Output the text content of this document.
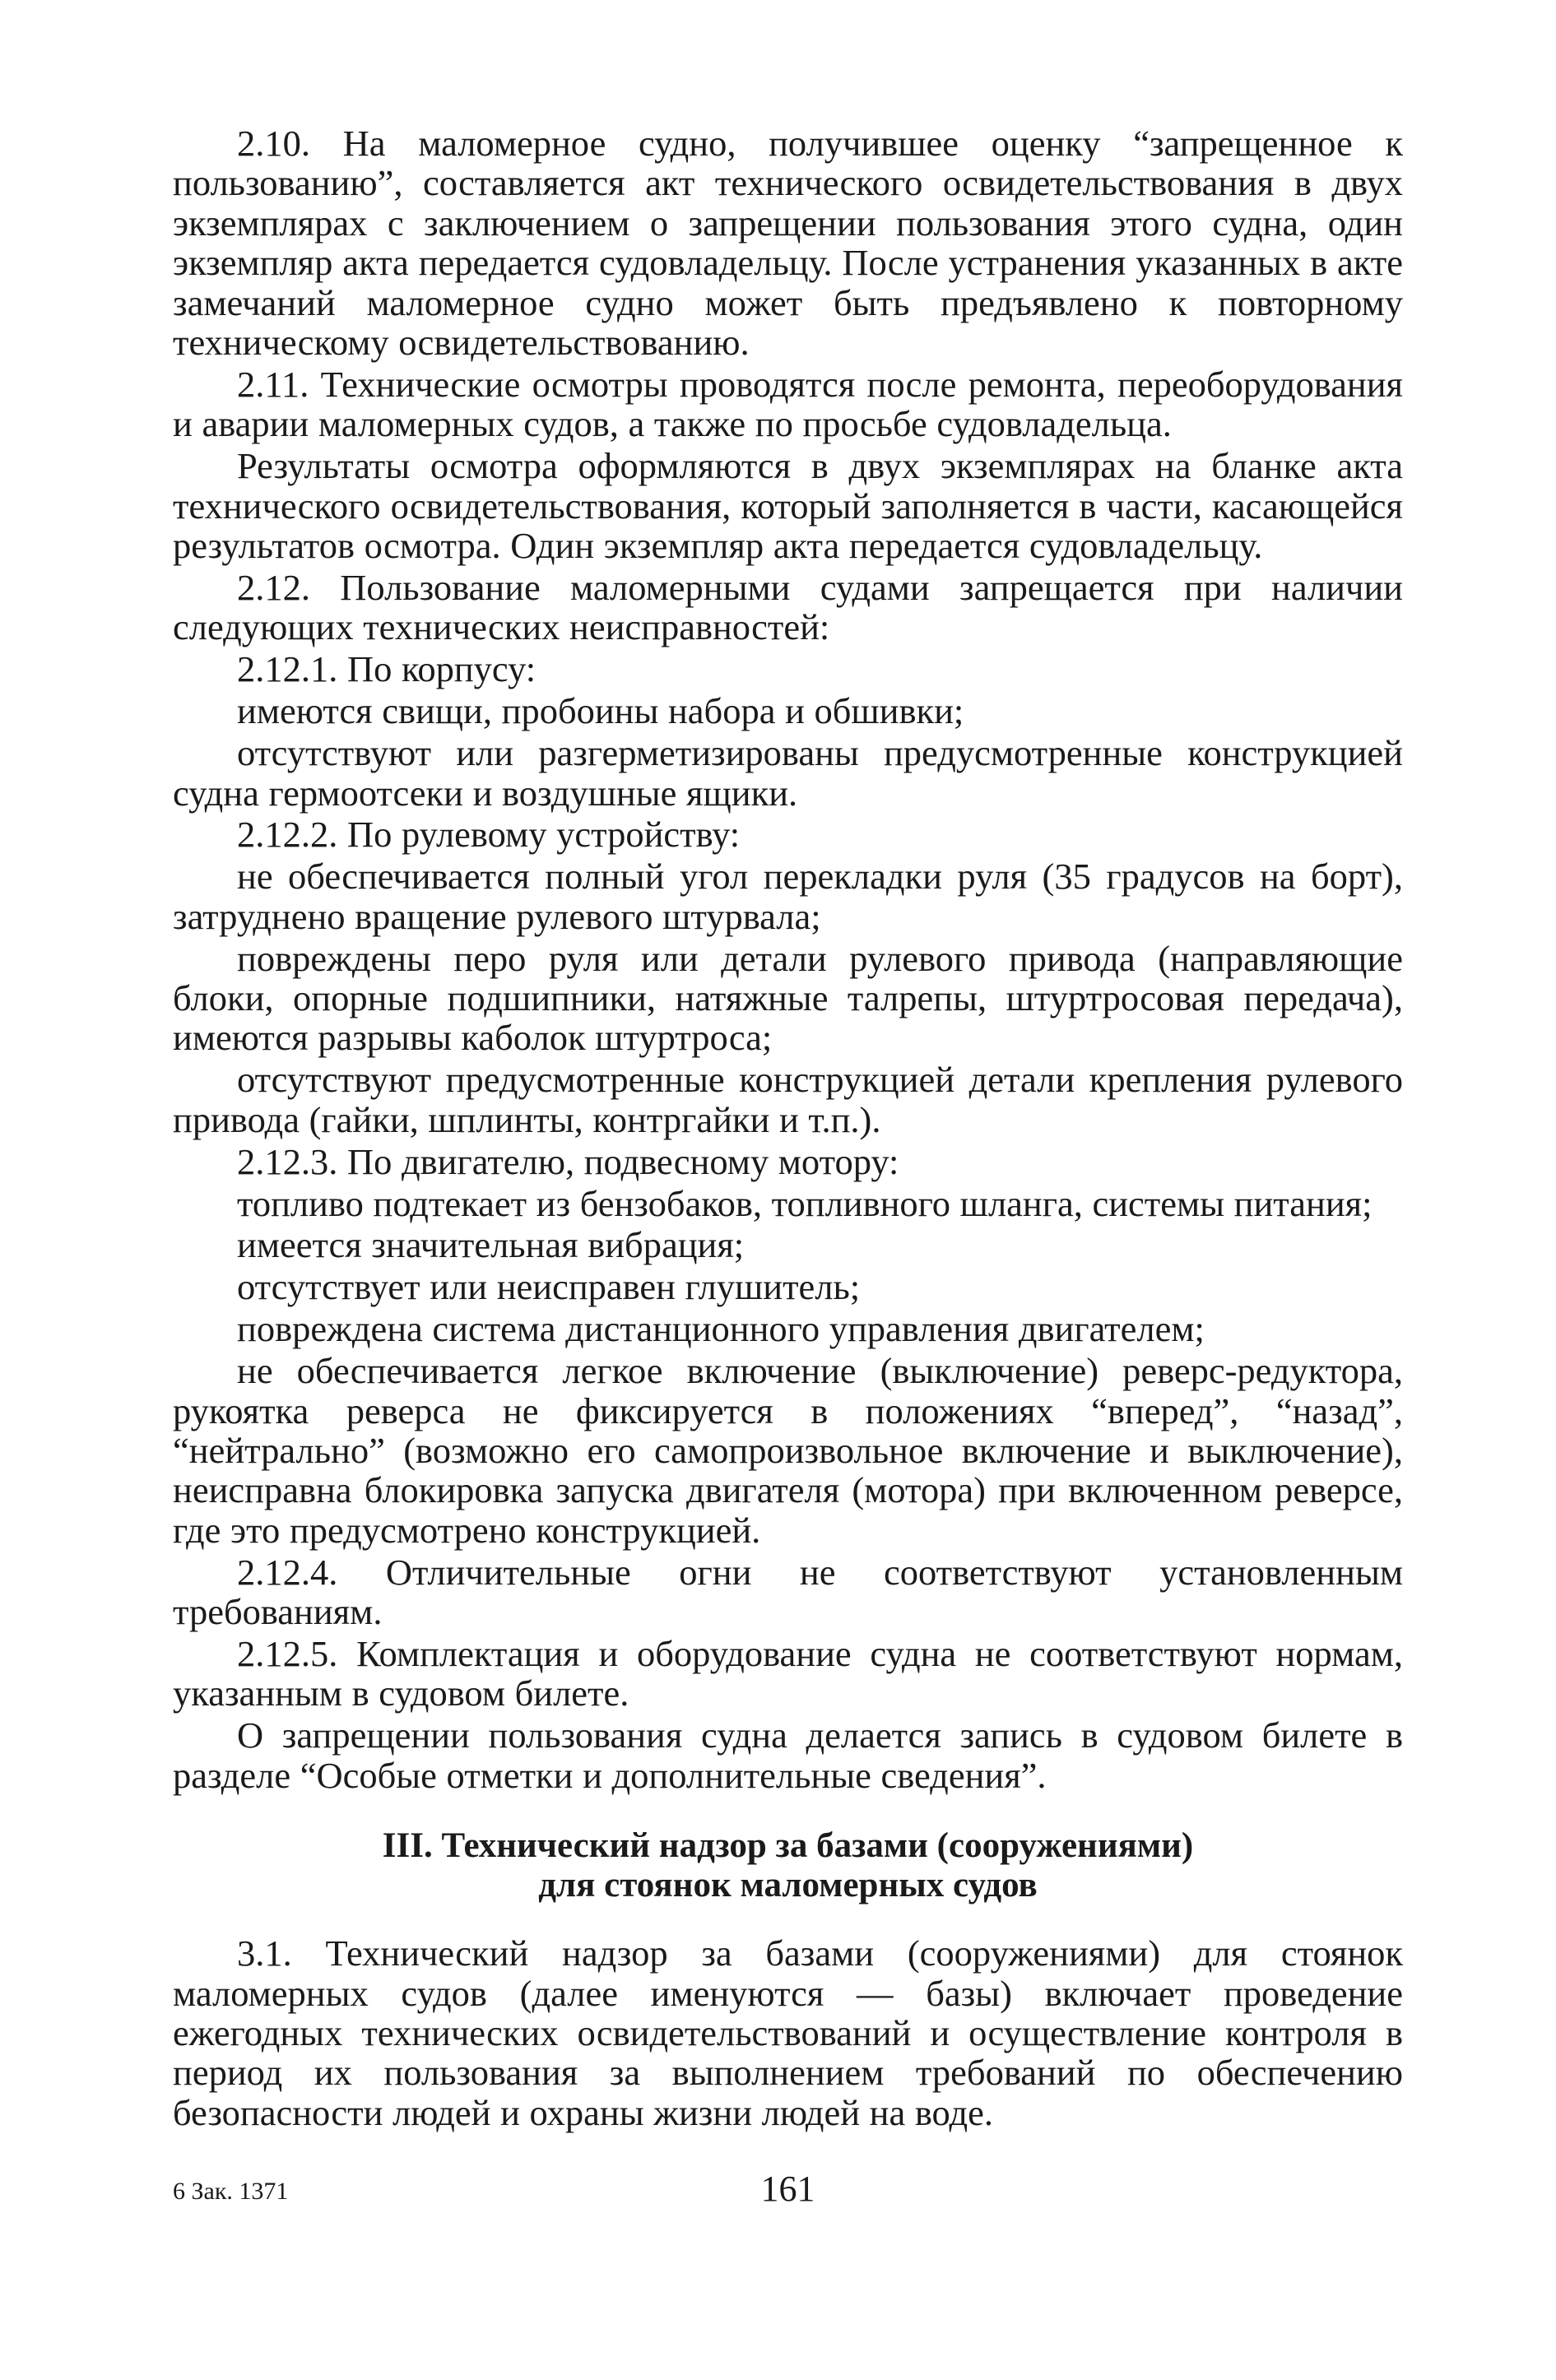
2.10. На маломерное судно, получившее оценку “запрещенное к пользованию”, составляется акт технического освидетельствования в двух экземплярах с заключением о запрещении пользования этого судна, один экземпляр акта передается судовладельцу. После устранения указанных в акте замечаний маломерное судно может быть предъявлено к повторному техническому освидетельствованию.

2.11. Технические осмотры проводятся после ремонта, переоборудования и аварии маломерных судов, а также по просьбе судовладельца.

Результаты осмотра оформляются в двух экземплярах на бланке акта технического освидетельствования, который заполняется в части, касающейся результатов осмотра. Один экземпляр акта передается судовладельцу.

2.12. Пользование маломерными судами запрещается при наличии следующих технических неисправностей:

2.12.1. По корпусу:

имеются свищи, пробоины набора и обшивки;

отсутствуют или разгерметизированы предусмотренные конструкцией судна гермоотсеки и воздушные ящики.

2.12.2. По рулевому устройству:

не обеспечивается полный угол перекладки руля (35 градусов на борт), затруднено вращение рулевого штурвала;

повреждены перо руля или детали рулевого привода (направляющие блоки, опорные подшипники, натяжные талрепы, штуртросовая передача), имеются разрывы каболок штуртроса;

отсутствуют предусмотренные конструкцией детали крепления рулевого привода (гайки, шплинты, контргайки и т.п.).

2.12.3. По двигателю, подвесному мотору:

топливо подтекает из бензобаков, топливного шланга, системы питания;

имеется значительная вибрация;

отсутствует или неисправен глушитель;

повреждена система дистанционного управления двигателем;

не обеспечивается легкое включение (выключение) реверс-редуктора, рукоятка реверса не фиксируется в положениях “вперед”, “назад”, “нейтрально” (возможно его самопроизвольное включение и выключение), неисправна блокировка запуска двигателя (мотора) при включенном реверсе, где это предусмотрено конструкцией.

2.12.4. Отличительные огни не соответствуют установленным требованиям.

2.12.5. Комплектация и оборудование судна не соответствуют нормам, указанным в судовом билете.

О запрещении пользования судна делается запись в судовом билете в разделе “Особые отметки и дополнительные сведения”.

III. Технический надзор за базами (сооружениями)
для стоянок маломерных судов

3.1. Технический надзор за базами (сооружениями) для стоянок маломерных судов (далее именуются — базы) включает проведение ежегодных технических освидетельствований и осуществление контроля в период их пользования за выполнением требований по обеспечению безопасности людей и охраны жизни людей на воде.

6 Зак. 1371	161
